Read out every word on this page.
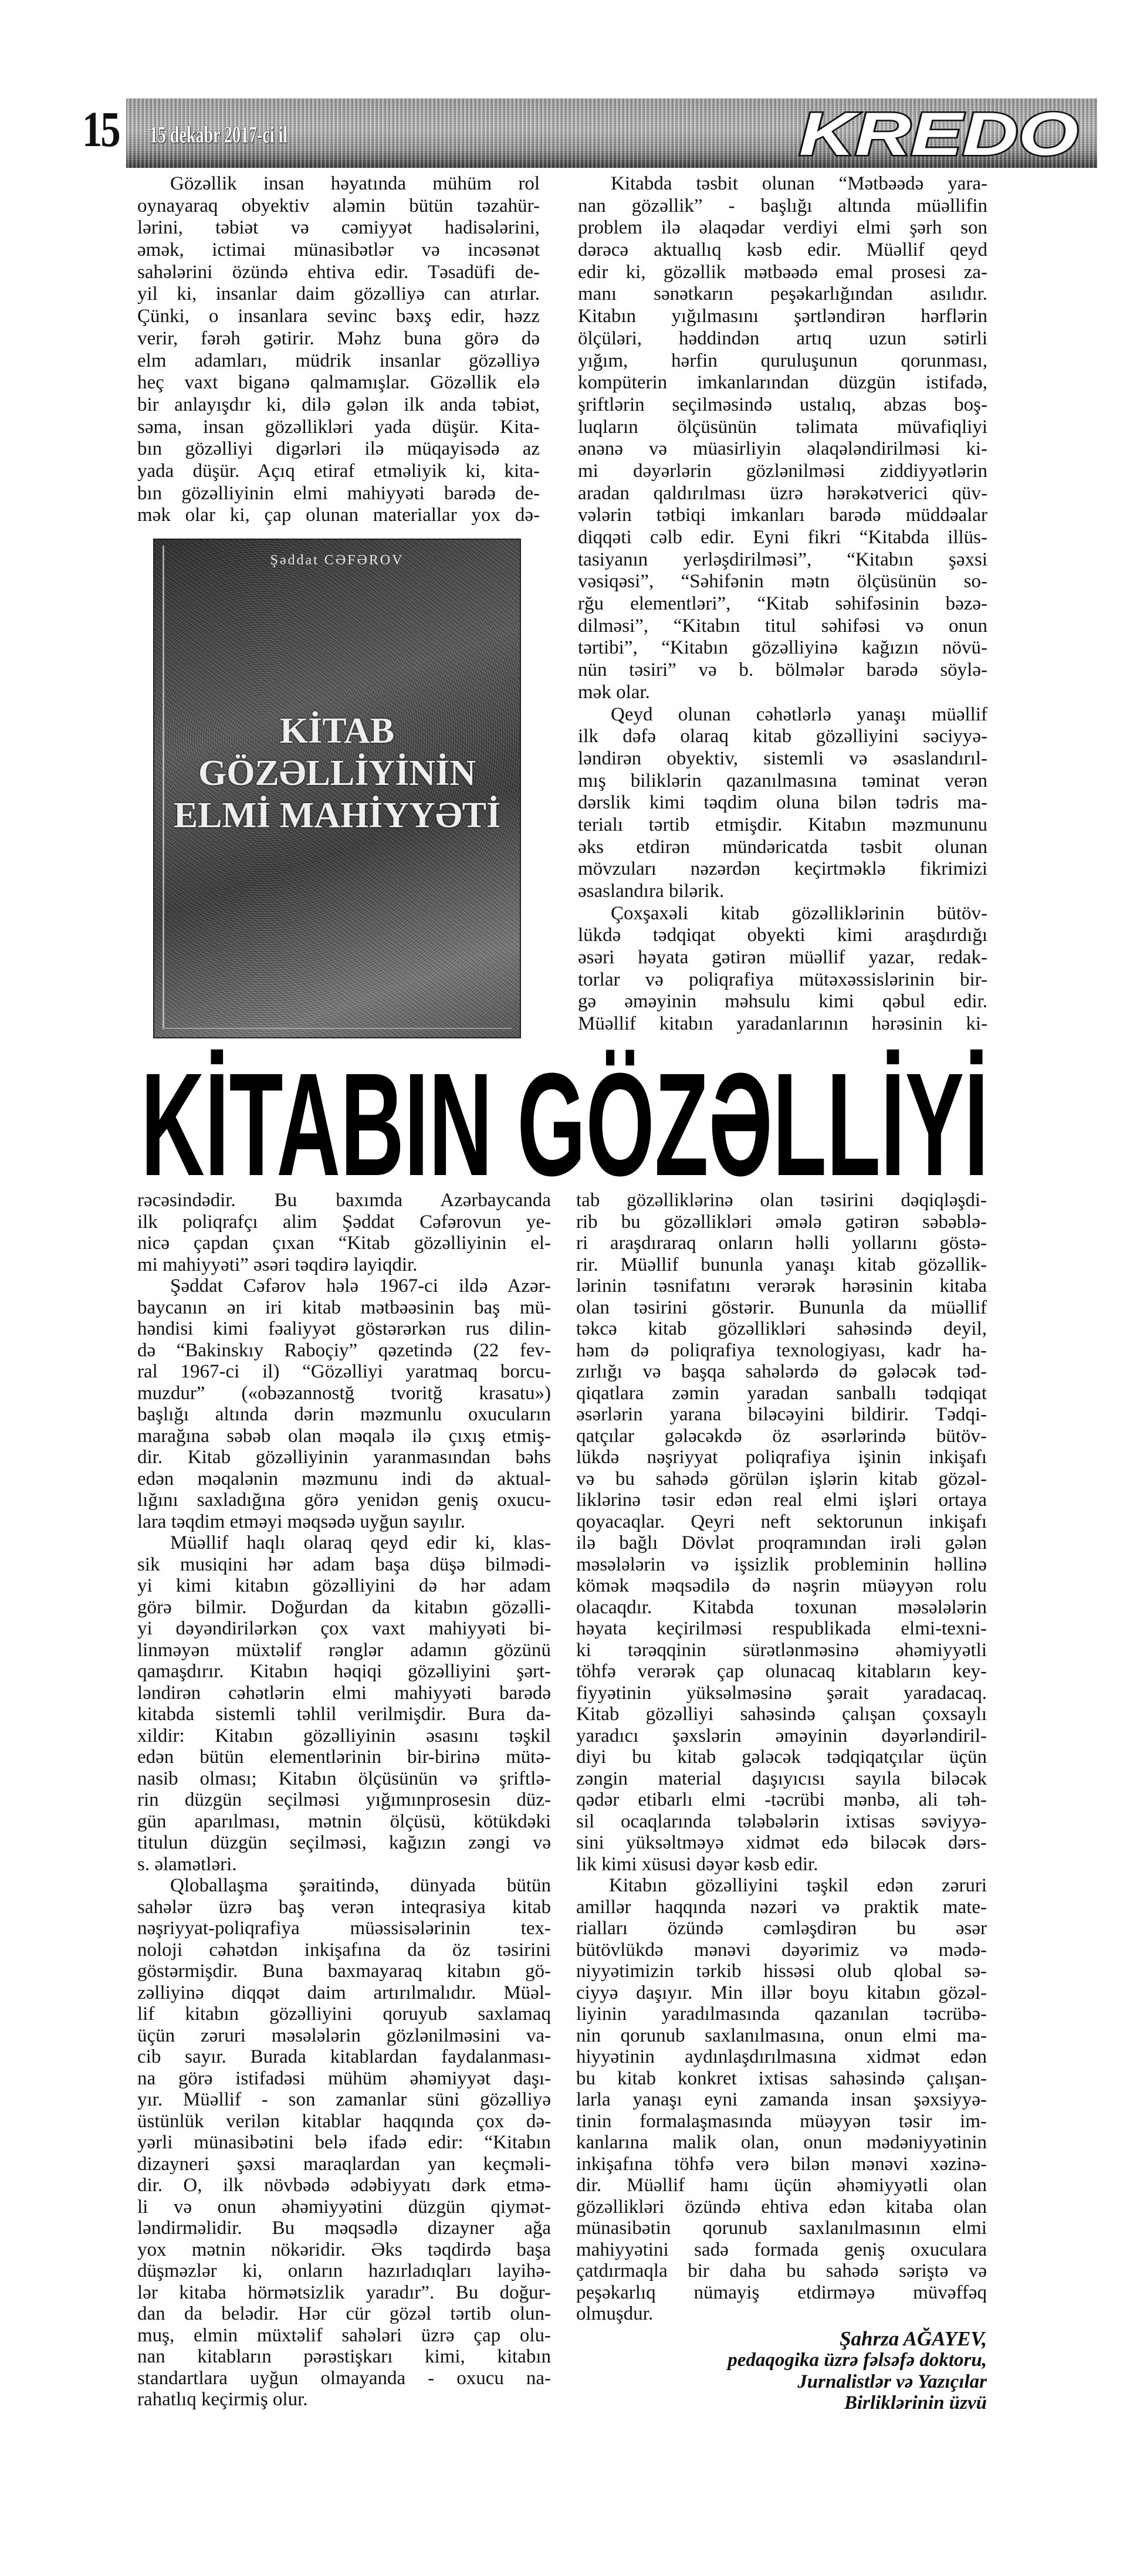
15 15 dekabr 2017-ci il	KREDO

Gözəllik insan həyatında mühüm rol
oynayaraq obyektiv aləmin bütün təzahür-
lərini, təbiət və cəmiyyət hadisələrini,
əmək, ictimai münasibətlər və incəsənət
sahələrini özündə ehtiva edir. Təsadüfi de-
yil ki, insanlar daim gözəlliyə can atırlar.
Çünki, o insanlara sevinc bəxş edir, həzz
verir, fərəh gətirir. Məhz buna görə də
elm adamları, müdrik insanlar gözəlliyə
heç vaxt biganə qalmamışlar. Gözəllik elə
bir anlayışdır ki, dilə gələn ilk anda təbiət,
səma, insan gözəllikləri yada düşür. Kita-
bın gözəlliyi digərləri ilə müqayisədə az
yada düşür. Açıq etiraf etməliyik ki, kita-
bın gözəlliyinin elmi mahiyyəti barədə de-
mək olar ki, çap olunan materiallar yox də-

Şəddat CƏFƏROV
KİTAB
GÖZƏLLİYİNİN
ELMİ MAHİYYƏTİ

Kitabda təsbit olunan “Mətbəədə yara-
nan gözəllik” - başlığı altında müəllifin
problem ilə əlaqədar verdiyi elmi şərh son
dərəcə aktuallıq kəsb edir. Müəllif qeyd
edir ki, gözəllik mətbəədə emal prosesi za-
manı sənətkarın peşəkarlığından asılıdır.
Kitabın yığılmasını şərtləndirən hərflərin
ölçüləri, həddindən artıq uzun sətirli
yığım, hərfin quruluşunun qorunması,
kompüterin imkanlarından düzgün istifadə,
şriftlərin seçilməsində ustalıq, abzas boş-
luqların ölçüsünün təlimata müvafiqliyi
ənənə və müasirliyin əlaqələndirilməsi ki-
mi dəyərlərin gözlənilməsi ziddiyyətlərin
aradan qaldırılması üzrə hərəkətverici qüv-
vələrin tətbiqi imkanları barədə müddəalar
diqqəti cəlb edir. Eyni fikri “Kitabda illüs-
tasiyanın yerləşdirilməsi”, “Kitabın şəxsi
vəsiqəsi”, “Səhifənin mətn ölçüsünün so-
rğu elementləri”, “Kitab səhifəsinin bəzə-
dilməsi”, “Kitabın titul səhifəsi və onun
tərtibi”, “Kitabın gözəlliyinə kağızın növü-
nün təsiri” və b. bölmələr barədə söylə-
mək olar.

Qeyd olunan cəhətlərlə yanaşı müəllif
ilk dəfə olaraq kitab gözəlliyini səciyyə-
ləndirən obyektiv, sistemli və əsaslandırıl-
mış biliklərin qazanılmasına təminat verən
dərslik kimi təqdim oluna bilən tədris ma-
terialı tərtib etmişdir. Kitabın məzmununu
əks etdirən mündəricatda təsbit olunan
mövzuları nəzərdən keçirtməklə fikrimizi
əsaslandıra bilərik.

Çoxşaxəli kitab gözəlliklərinin bütöv-
lükdə tədqiqat obyekti kimi araşdırdığı
əsəri həyata gətirən müəllif yazar, redak-
torlar və poliqrafiya mütəxəssislərinin bir-
gə əməyinin məhsulu kimi qəbul edir.
Müəllif kitabın yaradanlarının hərəsinin ki-

KİTABIN GÖZƏLLİYİ

rəcəsindədir. Bu baxımda Azərbaycanda
ilk poliqrafçı alim Şəddat Cəfərovun ye-
nicə çapdan çıxan “Kitab gözəlliyinin el-
mi mahiyyəti” əsəri təqdirə layiqdir.

Şəddat Cəfərov hələ 1967-ci ildə Azər-
baycanın ən iri kitab mətbəəsinin baş mü-
həndisi kimi fəaliyyət göstərərkən rus dilin-
də “Bakinskıy Raboçiy” qəzetində (22 fev-
ral 1967-ci il) “Gözəlliyi yaratmaq borcu-
muzdur” («obəzannostğ tvoritğ krasatu»)
başlığı altında dərin məzmunlu oxucuların
marağına səbəb olan məqalə ilə çıxış etmiş-
dir. Kitab gözəlliyinin yaranmasından bəhs
edən məqalənin məzmunu indi də aktual-
lığını saxladığına görə yenidən geniş oxucu-
lara təqdim etməyi məqsədə uyğun sayılır.

Müəllif haqlı olaraq qeyd edir ki, klas-
sik musiqini hər adam başa düşə bilmədi-
yi kimi kitabın gözəlliyini də hər adam
görə bilmir. Doğurdan da kitabın gözəlli-
yi dəyəndirilərkən çox vaxt mahiyyəti bi-
linməyən müxtəlif rənglər adamın gözünü
qamaşdırır. Kitabın həqiqi gözəlliyini şərt-
ləndirən cəhətlərin elmi mahiyyəti barədə
kitabda sistemli təhlil verilmişdir. Bura da-
xildir: Kitabın gözəlliyinin əsasını təşkil
edən bütün elementlərinin bir-birinə mütə-
nasib olması; Kitabın ölçüsünün və şriftlə-
rin düzgün seçilməsi yığımınprosesin düz-
gün aparılması, mətnin ölçüsü, kötükdəki
titulun düzgün seçilməsi, kağızın zəngi və
s. əlamətləri.

Qloballaşma şəraitində, dünyada bütün
sahələr üzrə baş verən inteqrasiya kitab
nəşriyyat-poliqrafiya müəssisələrinin tex-
noloji cəhətdən inkişafına da öz təsirini
göstərmişdir. Buna baxmayaraq kitabın gö-
zəlliyinə diqqət daim artırılmalıdır. Müəl-
lif kitabın gözəlliyini qoruyub saxlamaq
üçün zəruri məsələlərin gözlənilməsini va-
cib sayır. Burada kitablardan faydalanması-
na görə istifadəsi mühüm əhəmiyyət daşı-
yır. Müəllif - son zamanlar süni gözəlliyə
üstünlük verilən kitablar haqqında çox də-
yərli münasibətini belə ifadə edir: “Kitabın
dizayneri şəxsi maraqlardan yan keçməli-
dir. O, ilk növbədə ədəbiyyatı dərk etmə-
li və onun əhəmiyyətini düzgün qiymət-
ləndirməlidir. Bu məqsədlə dizayner ağa
yox mətnin nökəridir. Əks təqdirdə başa
düşməzlər ki, onların hazırladıqları layihə-
lər kitaba hörmətsizlik yaradır”. Bu doğur-
dan da belədir. Hər cür gözəl tərtib olun-
muş, elmin müxtəlif sahələri üzrə çap olu-
nan kitabların pərəstişkarı kimi, kitabın
standartlara uyğun olmayanda - oxucu na-
rahatlıq keçirmiş olur.

tab gözəlliklərinə olan təsirini dəqiqləşdi-
rib bu gözəllikləri əmələ gətirən səbəblə-
ri araşdıraraq onların həlli yollarını göstə-
rir. Müəllif bununla yanaşı kitab gözəllik-
lərinin təsnifatını verərək hərəsinin kitaba
olan təsirini göstərir. Bununla da müəllif
təkcə kitab gözəllikləri sahəsində deyil,
həm də poliqrafiya texnologiyası, kadr ha-
zırlığı və başqa sahələrdə də gələcək təd-
qiqatlara zəmin yaradan sanballı tədqiqat
əsərlərin yarana biləcəyini bildirir. Tədqi-
qatçılar gələcəkdə öz əsərlərində bütöv-
lükdə nəşriyyat poliqrafiya işinin inkişafı
və bu sahədə görülən işlərin kitab gözəl-
liklərinə təsir edən real elmi işləri ortaya
qoyacaqlar. Qeyri neft sektorunun inkişafı
ilə bağlı Dövlət proqramından irəli gələn
məsələlərin və işsizlik probleminin həllinə
kömək məqsədilə də nəşrin müəyyən rolu
olacaqdır. Kitabda toxunan məsələlərin
həyata keçirilməsi respublikada elmi-texni-
ki tərəqqinin sürətlənməsinə əhəmiyyətli
töhfə verərək çap olunacaq kitabların key-
fiyyətinin yüksəlməsinə şərait yaradacaq.
Kitab gözəlliyi sahəsində çalışan çoxsaylı
yaradıcı şəxslərin əməyinin dəyərləndiril-
diyi bu kitab gələcək tədqiqatçılar üçün
zəngin material daşıyıcısı sayıla biləcək
qədər etibarlı elmi -təcrübi mənbə, ali təh-
sil ocaqlarında tələbələrin ixtisas səviyyə-
sini yüksəltməyə xidmət edə biləcək dərs-
lik kimi xüsusi dəyər kəsb edir.

Kitabın gözəlliyini təşkil edən zəruri
amillər haqqında nəzəri və praktik mate-
rialları özündə cəmləşdirən bu əsər
bütövlükdə mənəvi dəyərimiz və mədə-
niyyətimizin tərkib hissəsi olub qlobal sə-
ciyyə daşıyır. Min illər boyu kitabın gözəl-
liyinin yaradılmasında qazanılan təcrübə-
nin qorunub saxlanılmasına, onun elmi ma-
hiyyətinin aydınlaşdırılmasına xidmət edən
bu kitab konkret ixtisas sahəsində çalışan-
larla yanaşı eyni zamanda insan şəxsiyyə-
tinin formalaşmasında müəyyən təsir im-
kanlarına malik olan, onun mədəniyyətinin
inkişafına töhfə verə bilən mənəvi xəzinə-
dir. Müəllif hamı üçün əhəmiyyətli olan
gözəllikləri özündə ehtiva edən kitaba olan
münasibətin qorunub saxlanılmasının elmi
mahiyyətini sadə formada geniş oxuculara
çatdırmaqla bir daha bu sahədə səriştə və
peşəkarlıq nümayiş etdirməyə müvəffəq
olmuşdur.

Şahrza AĞAYEV,
pedaqogika üzrə fəlsəfə doktoru,
Jurnalistlər və Yazıçılar
Birliklərinin üzvü
